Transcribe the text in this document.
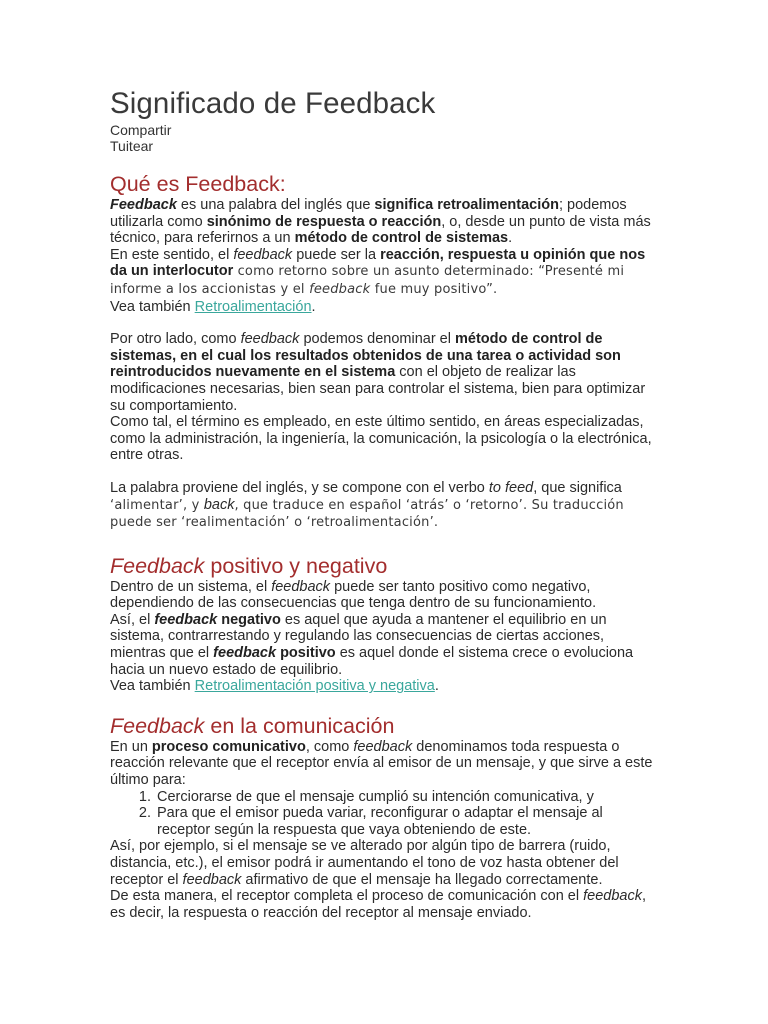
Significado de Feedback
Compartir
Tuitear
Qué es Feedback:

Feedback es una palabra del inglés que significa retroalimentación; podemos utilizarla como sinónimo de respuesta o reacción, o, desde un punto de vista más técnico, para referirnos a un método de control de sistemas.

En este sentido, el feedback puede ser la reacción, respuesta u opinión que nos da un interlocutor como retorno sobre un asunto determinado: “Presenté mi informe a los accionistas y el feedback fue muy positivo”.

Vea también Retroalimentación.

Por otro lado, como feedback podemos denominar el método de control de sistemas, en el cual los resultados obtenidos de una tarea o actividad son reintroducidos nuevamente en el sistema con el objeto de realizar las modificaciones necesarias, bien sean para controlar el sistema, bien para optimizar su comportamiento.

Como tal, el término es empleado, en este último sentido, en áreas especializadas, como la administración, la ingeniería, la comunicación, la psicología o la electrónica, entre otras.

La palabra proviene del inglés, y se compone con el verbo to feed, que significa ‘alimentar’, y back, que traduce en español ‘atrás’ o ‘retorno’. Su traducción puede ser ‘realimentación’ o ‘retroalimentación’.

Feedback positivo y negativo

Dentro de un sistema, el feedback puede ser tanto positivo como negativo, dependiendo de las consecuencias que tenga dentro de su funcionamiento.

Así, el feedback negativo es aquel que ayuda a mantener el equilibrio en un sistema, contrarrestando y regulando las consecuencias de ciertas acciones, mientras que el feedback positivo es aquel donde el sistema crece o evoluciona hacia un nuevo estado de equilibrio.

Vea también Retroalimentación positiva y negativa.

Feedback en la comunicación

En un proceso comunicativo, como feedback denominamos toda respuesta o reacción relevante que el receptor envía al emisor de un mensaje, y que sirve a este último para:

1. Cerciorarse de que el mensaje cumplió su intención comunicativa, y
2. Para que el emisor pueda variar, reconfigurar o adaptar el mensaje al receptor según la respuesta que vaya obteniendo de este.

Así, por ejemplo, si el mensaje se ve alterado por algún tipo de barrera (ruido, distancia, etc.), el emisor podrá ir aumentando el tono de voz hasta obtener del receptor el feedback afirmativo de que el mensaje ha llegado correctamente.

De esta manera, el receptor completa el proceso de comunicación con el feedback, es decir, la respuesta o reacción del receptor al mensaje enviado.
